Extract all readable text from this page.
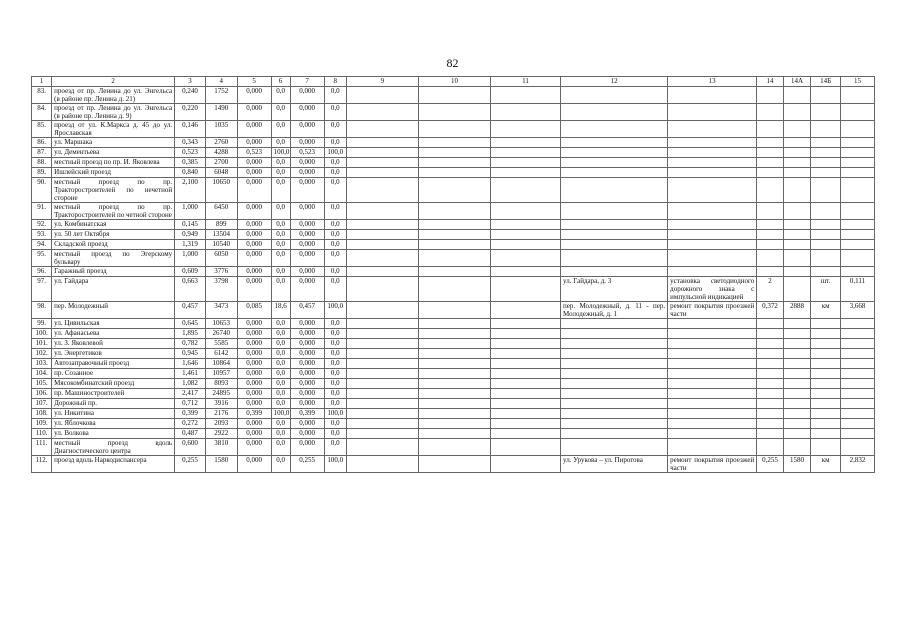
82
1	2	3	4	5	6	7	8	9	10	11	12	13	14	14А	14Б	15
83.	проезд от пр. Ленина до ул. Энгельса (в районе пр. Ленина д. 21)	0,240	1752	0,000	0,0	0,000	0,0									
84.	проезд от пр. Ленина до ул. Энгельса (в районе пр. Ленина д. 9)	0,220	1490	0,000	0,0	0,000	0,0									
85.	проезд от ул. К.Маркса д. 45 до ул. Ярославская	0,146	1035	0,000	0,0	0,000	0,0									
86.	ул. Маршака	0,343	2760	0,000	0,0	0,000	0,0									
87.	ул. Дементьева	0,523	4288	0,523	100,0	0,523	100,0									
88.	местный проезд по пр. И. Яковлева	0,385	2700	0,000	0,0	0,000	0,0									
89.	Ишлейский проезд	0,840	6048	0,000	0,0	0,000	0,0									
90.	местный проезд по пр. Тракторостроителей по нечетной стороне	2,100	10650	0,000	0,0	0,000	0,0									
91.	местный проезд по пр. Тракторостроителей по четной стороне	1,000	6450	0,000	0,0	0,000	0,0									
92.	ул. Комбинатская	0,145	899	0,000	0,0	0,000	0,0									
93.	ул. 50 лет Октября	0,949	13504	0,000	0,0	0,000	0,0									
94.	Складской проезд	1,319	10540	0,000	0,0	0,000	0,0									
95.	местный проезд по Эгерскому бульвару	1,000	6050	0,000	0,0	0,000	0,0									
96.	Гаражный проезд	0,609	3776	0,000	0,0	0,000	0,0									
97.	ул. Гайдара	0,663	3798	0,000	0,0	0,000	0,0				ул. Гайдара, д. 3	установка светодиодного дорожного знака с импульсной индикацией	2		шт.	0,111
98.	пер. Молодежный	0,457	3473	0,085	18,6	0,457	100,0				пер. Молодежный, д. 11 - пер. Молодежный, д. 1	ремонт покрытия проезжей части	0,372	2888	км	3,668
99.	ул. Цивильская	0,645	10653	0,000	0,0	0,000	0,0									
100.	ул. Афанасьева	1,895	26740	0,000	0,0	0,000	0,0									
101.	ул. З. Яковлевой	0,782	5585	0,000	0,0	0,000	0,0									
102.	ул. Энергетиков	0,945	6142	0,000	0,0	0,000	0,0									
103.	Автозаправочный проезд	1,646	10864	0,000	0,0	0,000	0,0									
104.	пр. Созанное	1,461	10957	0,000	0,0	0,000	0,0									
105.	Мясокомбинатский проезд	1,082	8093	0,000	0,0	0,000	0,0									
106.	пр. Машиностроителей	2,417	24895	0,000	0,0	0,000	0,0									
107.	Дорожный пр.	0,712	3916	0,000	0,0	0,000	0,0									
108.	ул. Никитина	0,399	2176	0,399	100,0	0,399	100,0									
109.	ул. Яблочкова	0,272	2093	0,000	0,0	0,000	0,0									
110.	ул. Волкова	0,487	2922	0,000	0,0	0,000	0,0									
111.	местный проезд вдоль Диагностического центра	0,600	3810	0,000	0,0	0,000	0,0									
112.	проезд вдоль Наркодиспансера	0,255	1580	0,000	0,0	0,255	100,0				ул. Урукова – ул. Пирогова	ремонт покрытия проезжей части	0,255	1580	км	2,832
